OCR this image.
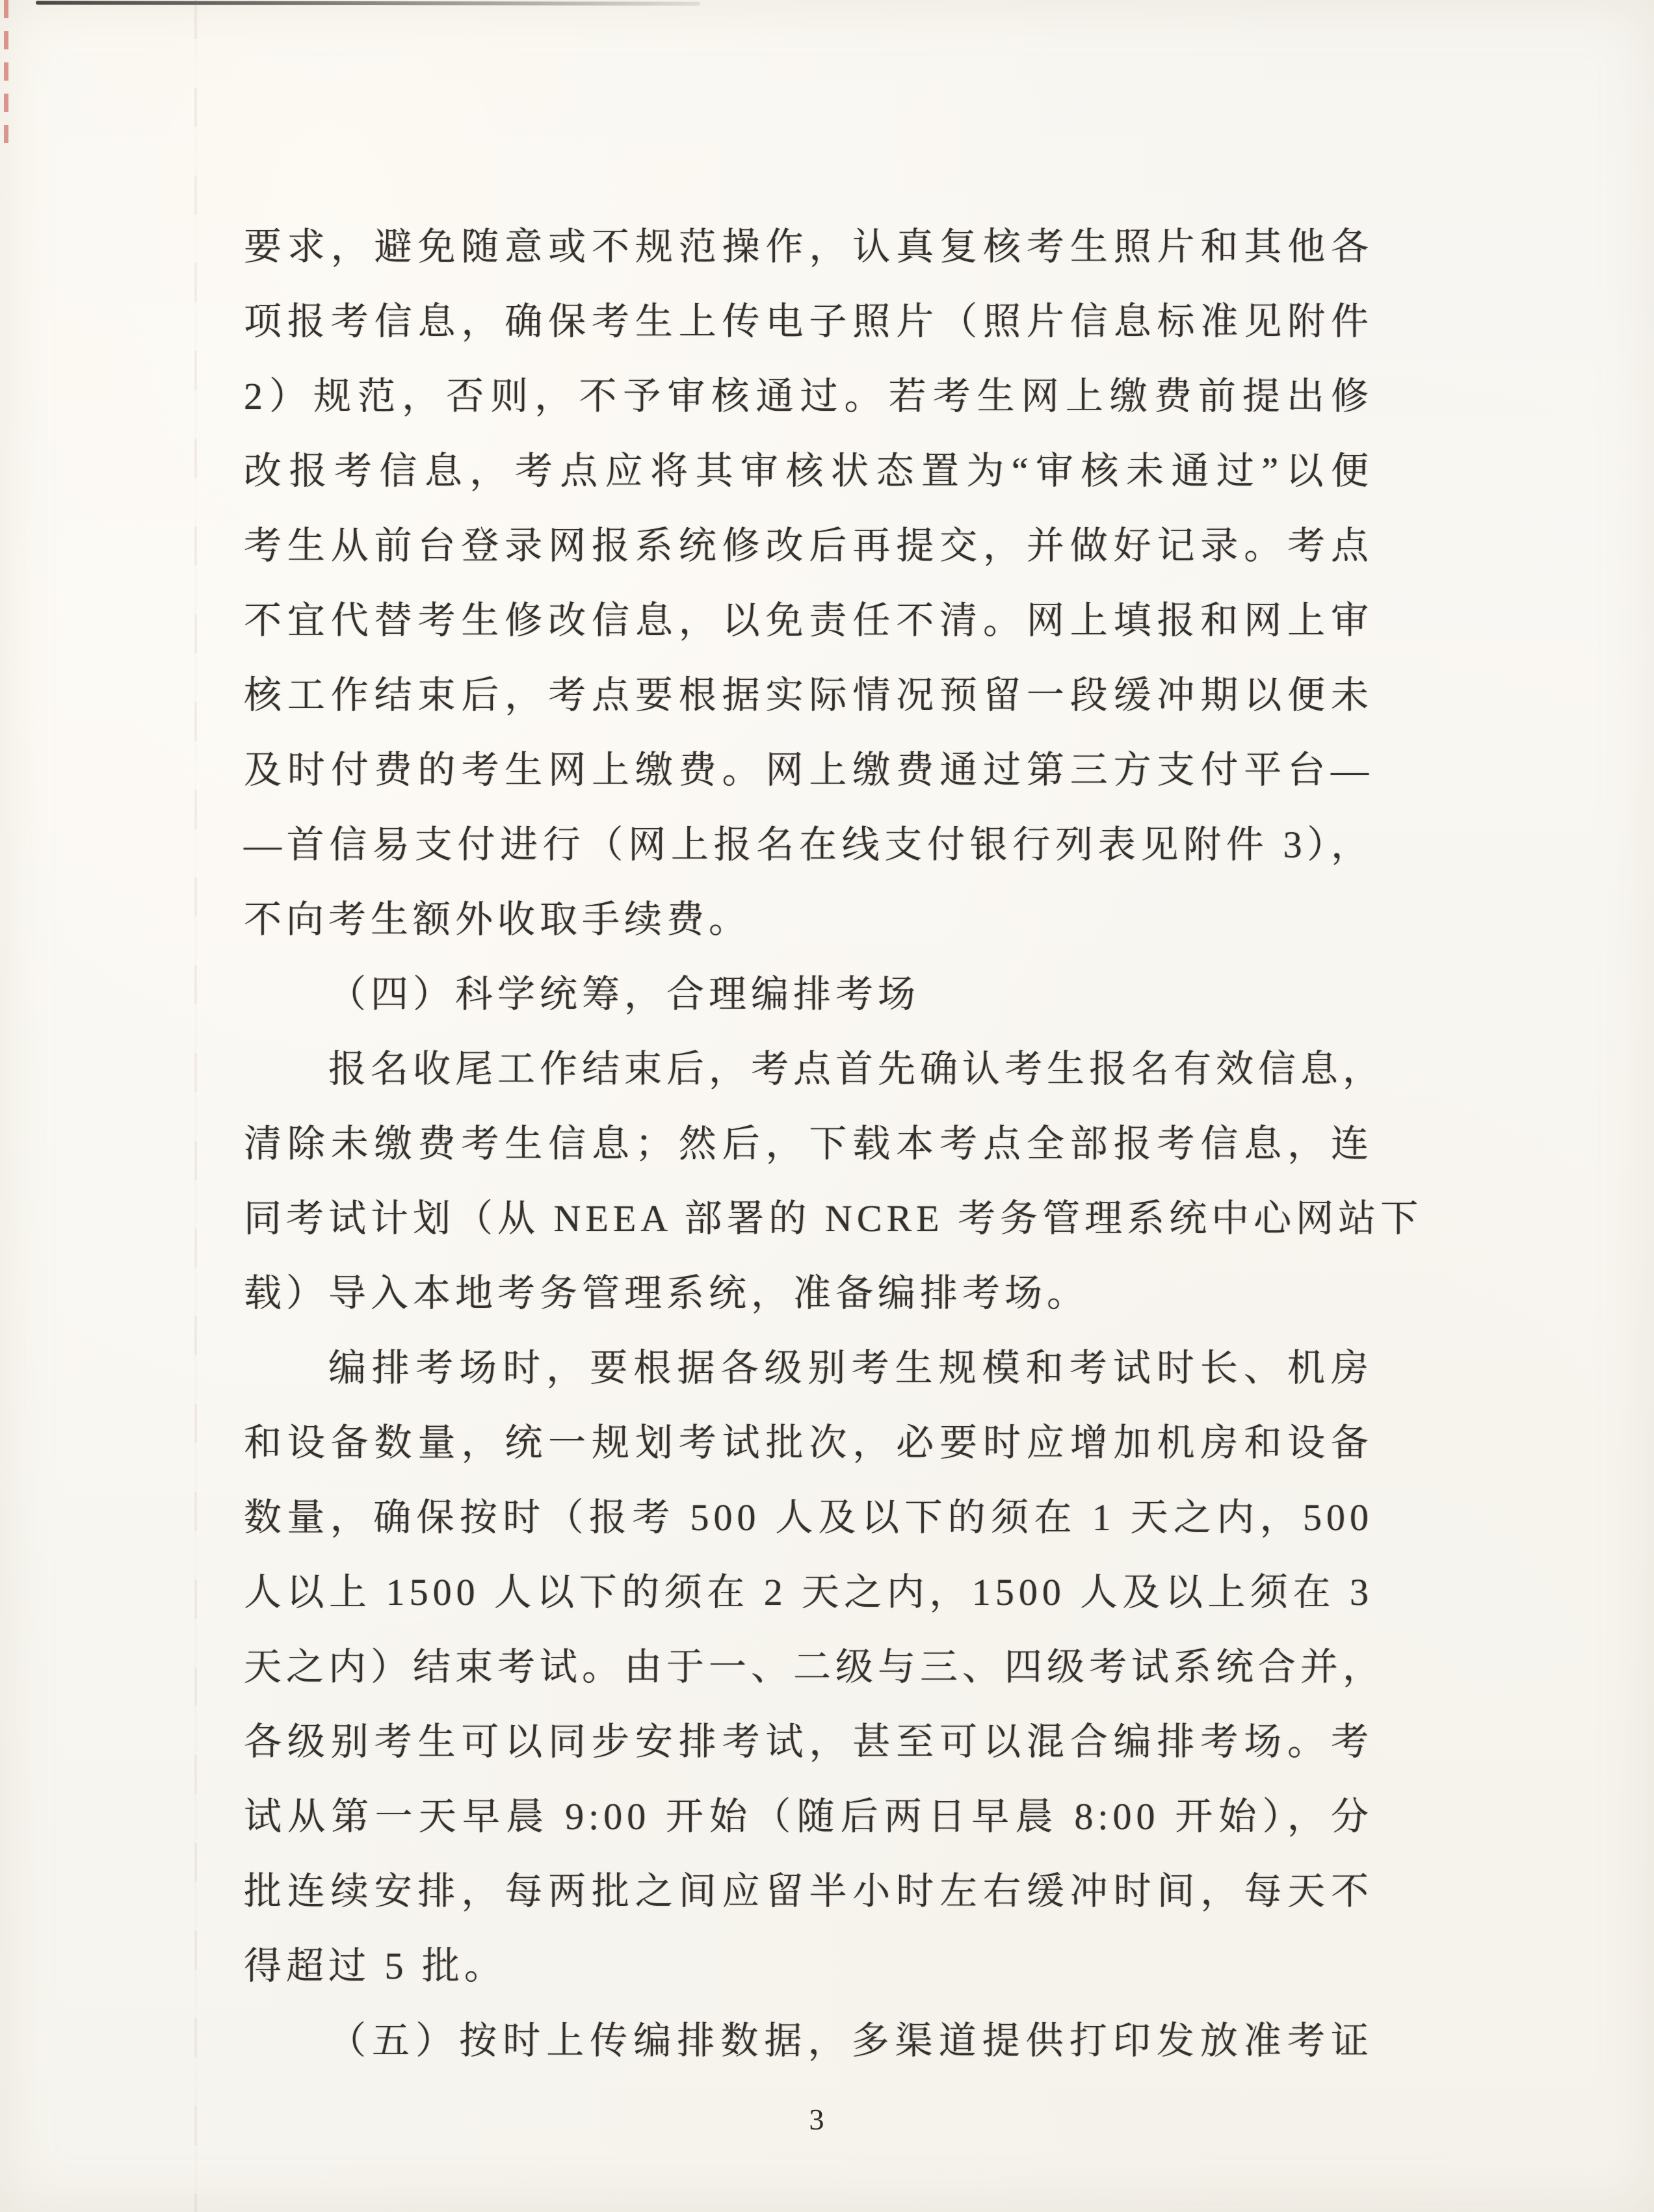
要求，避免随意或不规范操作，认真复核考生照片和其他各

项报考信息，确保考生上传电子照片（照片信息标准见附件

2）规范，否则，不予审核通过。若考生网上缴费前提出修

改报考信息，考点应将其审核状态置为“审核未通过”以便

考生从前台登录网报系统修改后再提交，并做好记录。考点

不宜代替考生修改信息，以免责任不清。网上填报和网上审

核工作结束后，考点要根据实际情况预留一段缓冲期以便未

及时付费的考生网上缴费。网上缴费通过第三方支付平台—

—首信易支付进行（网上报名在线支付银行列表见附件 3），

不向考生额外收取手续费。

（四）科学统筹，合理编排考场

报名收尾工作结束后，考点首先确认考生报名有效信息，

清除未缴费考生信息；然后，下载本考点全部报考信息，连

同考试计划（从 NEEA 部署的 NCRE 考务管理系统中心网站下

载）导入本地考务管理系统，准备编排考场。

编排考场时，要根据各级别考生规模和考试时长、机房

和设备数量，统一规划考试批次，必要时应增加机房和设备

数量，确保按时（报考 500 人及以下的须在 1 天之内，500

人以上 1500 人以下的须在 2 天之内，1500 人及以上须在 3

天之内）结束考试。由于一、二级与三、四级考试系统合并，

各级别考生可以同步安排考试，甚至可以混合编排考场。考

试从第一天早晨 9:00 开始（随后两日早晨 8:00 开始），分

批连续安排，每两批之间应留半小时左右缓冲时间，每天不

得超过 5 批。

（五）按时上传编排数据，多渠道提供打印发放准考证

3
